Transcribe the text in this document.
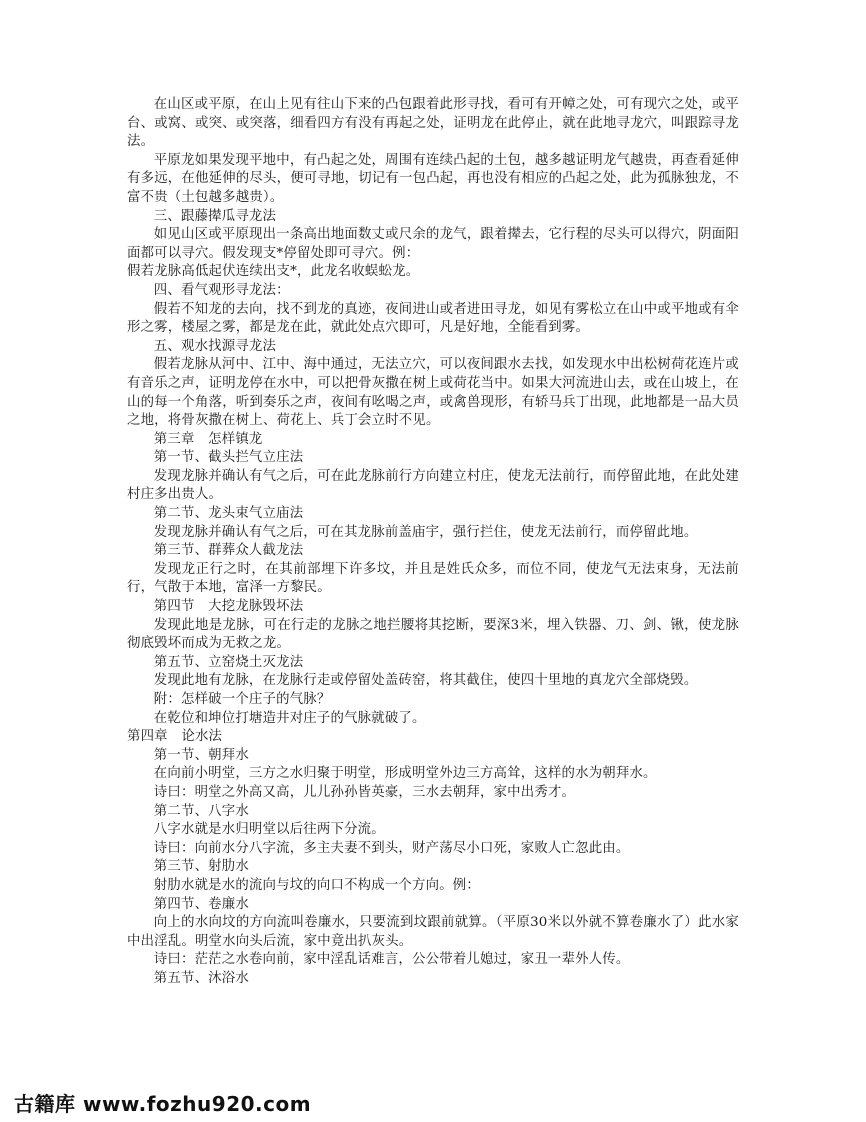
在山区或平原，在山上见有往山下来的凸包跟着此形寻找，看可有开幛之处，可有现穴之处，或平台、或窝、或突、或突落，细看四方有没有再起之处，证明龙在此停止，就在此地寻龙穴，叫跟踪寻龙法。

平原龙如果发现平地中，有凸起之处，周围有连续凸起的土包，越多越证明龙气越贵，再查看延伸有多远，在他延伸的尽头，便可寻地，切记有一包凸起，再也没有相应的凸起之处，此为孤脉独龙，不富不贵（土包越多越贵）。

三、跟藤撵瓜寻龙法

如见山区或平原现出一条高出地面数丈或尺余的龙气，跟着撵去，它行程的尽头可以得穴，阴面阳面都可以寻穴。假发现支*停留处即可寻穴。例：

假若龙脉高低起伏连续出支*，此龙名收蜈蚣龙。

四、看气观形寻龙法：

假若不知龙的去向，找不到龙的真迹，夜间进山或者进田寻龙，如见有雾松立在山中或平地或有伞形之雾，楼屋之雾，都是龙在此，就此处点穴即可，凡是好地，全能看到雾。

五、观水找源寻龙法

假若龙脉从河中、江中、海中通过，无法立穴，可以夜间跟水去找，如发现水中出松树荷花连片或有音乐之声，证明龙停在水中，可以把骨灰撒在树上或荷花当中。如果大河流进山去，或在山坡上，在山的每一个角落，听到奏乐之声，夜间有吆喝之声，或禽兽现形，有轿马兵丁出现，此地都是一品大员之地，将骨灰撒在树上、荷花上、兵丁会立时不见。

第三章　怎样镇龙

第一节、截头拦气立庄法

发现龙脉并确认有气之后，可在此龙脉前行方向建立村庄，使龙无法前行，而停留此地，在此处建村庄多出贵人。

第二节、龙头束气立庙法

发现龙脉并确认有气之后，可在其龙脉前盖庙宇，强行拦住，使龙无法前行，而停留此地。

第三节、群葬众人截龙法

发现龙正行之时，在其前部埋下许多坟，并且是姓氏众多，而位不同，使龙气无法束身，无法前行，气散于本地，富泽一方黎民。

第四节　大挖龙脉毁坏法

发现此地是龙脉，可在行走的龙脉之地拦腰将其挖断，要深3米，埋入铁器、刀、剑、锹，使龙脉彻底毁坏而成为无救之龙。

第五节、立窑烧土灭龙法

发现此地有龙脉，在龙脉行走或停留处盖砖窑，将其截住，使四十里地的真龙穴全部烧毁。

附：怎样破一个庄子的气脉？

在乾位和坤位打塘造井对庄子的气脉就破了。

第四章　论水法

第一节、朝拜水

在向前小明堂，三方之水归聚于明堂，形成明堂外边三方高耸，这样的水为朝拜水。

诗曰：明堂之外高又高，儿儿孙孙皆英豪，三水去朝拜，家中出秀才。

第二节、八字水

八字水就是水归明堂以后往两下分流。

诗曰：向前水分八字流，多主夫妻不到头，财产荡尽小口死，家败人亡忽此由。

第三节、射肋水

射肋水就是水的流向与坟的向口不构成一个方向。例：

第四节、卷廉水

向上的水向坟的方向流叫卷廉水，只要流到坟跟前就算。（平原30米以外就不算卷廉水了）此水家中出淫乱。明堂水向头后流，家中竟出扒灰头。

诗曰：茫茫之水卷向前，家中淫乱话难言，公公带着儿媳过，家丑一辈外人传。

第五节、沐浴水

古籍库 www.fozhu920.com
